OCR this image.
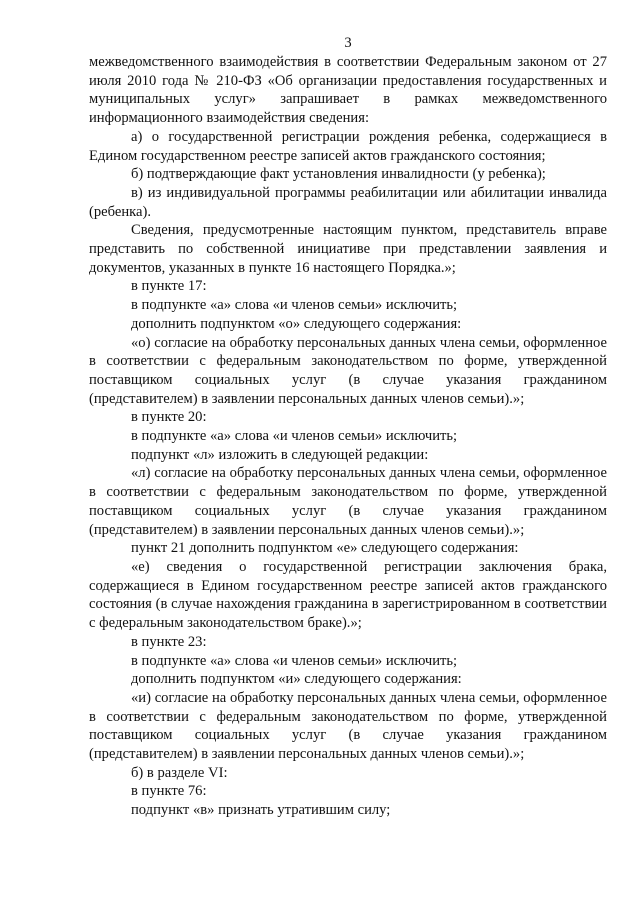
3

межведомственного взаимодействия в соответствии Федеральным законом от 27 июля 2010 года № 210-ФЗ «Об организации предоставления государственных и муниципальных услуг» запрашивает в рамках межведомственного информационного взаимодействия сведения:

а) о государственной регистрации рождения ребенка, содержащиеся в Едином государственном реестре записей актов гражданского состояния;

б) подтверждающие факт установления инвалидности (у ребенка);

в) из индивидуальной программы реабилитации или абилитации инвалида (ребенка).

Сведения, предусмотренные настоящим пунктом, представитель вправе представить по собственной инициативе при представлении заявления и документов, указанных в пункте 16 настоящего Порядка.»;

в пункте 17:

в подпункте «а» слова «и членов семьи» исключить;

дополнить подпунктом «о» следующего содержания:

«о) согласие на обработку персональных данных члена семьи, оформленное в соответствии с федеральным законодательством по форме, утвержденной поставщиком социальных услуг (в случае указания гражданином (представителем) в заявлении персональных данных членов семьи).»;

в пункте 20:

в подпункте «а» слова «и членов семьи» исключить;

подпункт «л» изложить в следующей редакции:

«л) согласие на обработку персональных данных члена семьи, оформленное в соответствии с федеральным законодательством по форме, утвержденной поставщиком социальных услуг (в случае указания гражданином (представителем) в заявлении персональных данных членов семьи).»;

пункт 21 дополнить подпунктом «е» следующего содержания:

«е) сведения о государственной регистрации заключения брака, содержащиеся в Едином государственном реестре записей актов гражданского состояния (в случае нахождения гражданина в зарегистрированном в соответствии с федеральным законодательством браке).»;

в пункте 23:

в подпункте «а» слова «и членов семьи» исключить;

дополнить подпунктом «и» следующего содержания:

«и) согласие на обработку персональных данных члена семьи, оформленное в соответствии с федеральным законодательством по форме, утвержденной поставщиком социальных услуг (в случае указания гражданином (представителем) в заявлении персональных данных членов семьи).»;

б) в разделе VI:

в пункте 76:

подпункт «в» признать утратившим силу;
